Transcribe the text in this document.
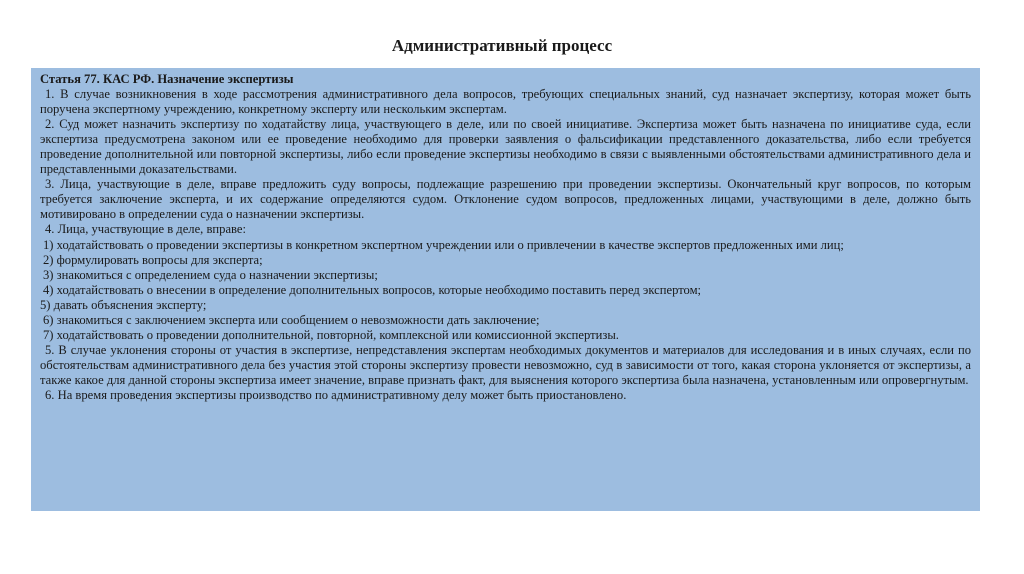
Административный процесс

Статья 77. КАС РФ. Назначение экспертизы

1. В случае возникновения в ходе рассмотрения административного дела вопросов, требующих специальных знаний, суд назначает экспертизу, которая может быть поручена экспертному учреждению, конкретному эксперту или нескольким экспертам.

2. Суд может назначить экспертизу по ходатайству лица, участвующего в деле, или по своей инициативе. Экспертиза может быть назначена по инициативе суда, если экспертиза предусмотрена законом или ее проведение необходимо для проверки заявления о фальсификации представленного доказательства, либо если требуется проведение дополнительной или повторной экспертизы, либо если проведение экспертизы необходимо в связи с выявленными обстоятельствами административного дела и представленными доказательствами.

3. Лица, участвующие в деле, вправе предложить суду вопросы, подлежащие разрешению при проведении экспертизы. Окончательный круг вопросов, по которым требуется заключение эксперта, и их содержание определяются судом. Отклонение судом вопросов, предложенных лицами, участвующими в деле, должно быть мотивировано в определении суда о назначении экспертизы.

4. Лица, участвующие в деле, вправе:

1) ходатайствовать о проведении экспертизы в конкретном экспертном учреждении или о привлечении в качестве экспертов предложенных ими лиц;

2) формулировать вопросы для эксперта;

3) знакомиться с определением суда о назначении экспертизы;

4) ходатайствовать о внесении в определение дополнительных вопросов, которые необходимо поставить перед экспертом;

5) давать объяснения эксперту;

6) знакомиться с заключением эксперта или сообщением о невозможности дать заключение;

7) ходатайствовать о проведении дополнительной, повторной, комплексной или комиссионной экспертизы.

5. В случае уклонения стороны от участия в экспертизе, непредставления экспертам необходимых документов и материалов для исследования и в иных случаях, если по обстоятельствам административного дела без участия этой стороны экспертизу провести невозможно, суд в зависимости от того, какая сторона уклоняется от экспертизы, а также какое для данной стороны экспертиза имеет значение, вправе признать факт, для выяснения которого экспертиза была назначена, установленным или опровергнутым.

6. На время проведения экспертизы производство по административному делу может быть приостановлено.
